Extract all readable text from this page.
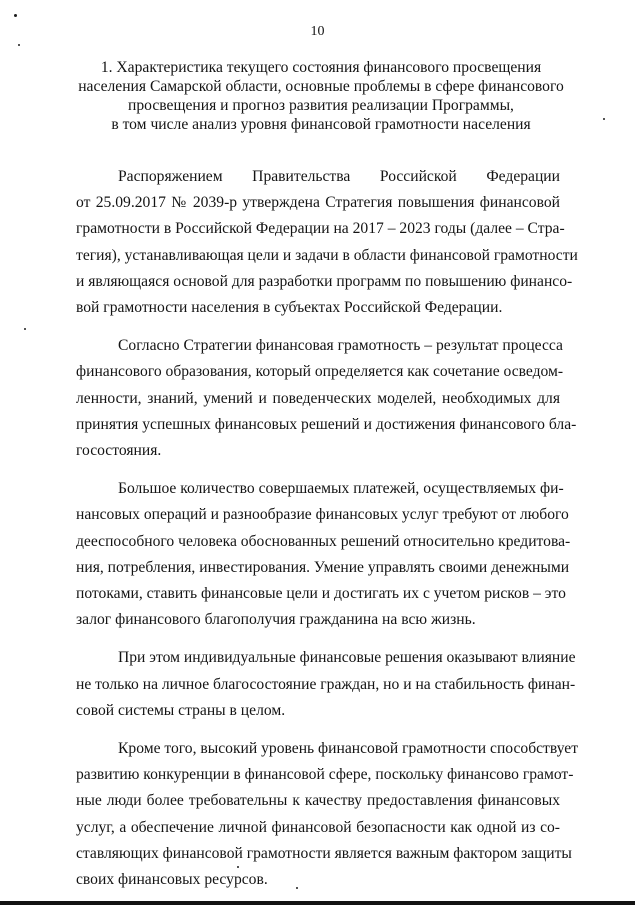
10
1. Характеристика текущего состояния финансового просвещения
населения Самарской области, основные проблемы в сфере финансового
просвещения и прогноз развития реализации Программы,
в том числе анализ уровня финансовой грамотности населения

Распоряжением Правительства Российской Федерации
от 25.09.2017 № 2039-р утверждена Стратегия повышения финансовой
грамотности в Российской Федерации на 2017 – 2023 годы (далее – Стра-
тегия), устанавливающая цели и задачи в области финансовой грамотности
и являющаяся основой для разработки программ по повышению финансо-
вой грамотности населения в субъектах Российской Федерации.

Согласно Стратегии финансовая грамотность – результат процесса
финансового образования, который определяется как сочетание осведом-
ленности, знаний, умений и поведенческих моделей, необходимых для
принятия успешных финансовых решений и достижения финансового бла-
госостояния.

Большое количество совершаемых платежей, осуществляемых фи-
нансовых операций и разнообразие финансовых услуг требуют от любого
дееспособного человека обоснованных решений относительно кредитова-
ния, потребления, инвестирования. Умение управлять своими денежными
потоками, ставить финансовые цели и достигать их с учетом рисков – это
залог финансового благополучия гражданина на всю жизнь.

При этом индивидуальные финансовые решения оказывают влияние
не только на личное благосостояние граждан, но и на стабильность финан-
совой системы страны в целом.

Кроме того, высокий уровень финансовой грамотности способствует
развитию конкуренции в финансовой сфере, поскольку финансово грамот-
ные люди более требовательны к качеству предоставления финансовых
услуг, а обеспечение личной финансовой безопасности как одной из со-
ставляющих финансовой грамотности является важным фактором защиты
своих финансовых ресурсов.
